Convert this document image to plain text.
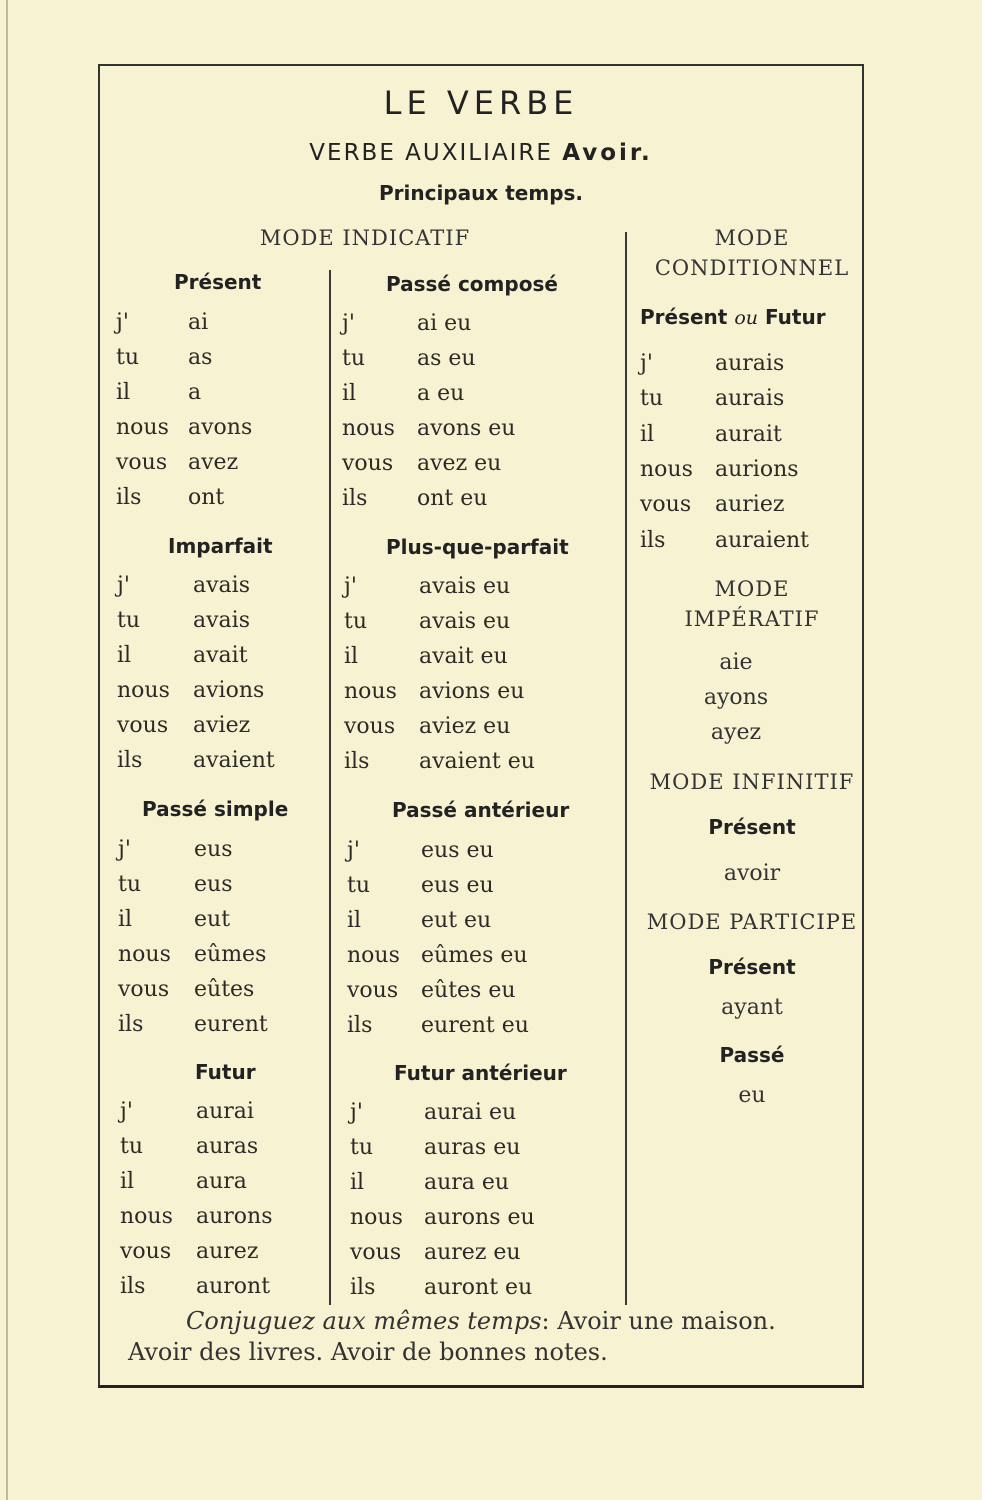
LE VERBE
VERBE AUXILIAIRE Avoir.
Principaux temps.
MODE INDICATIF
Présent
j'	ai
tu as
il	a
nous avons
vous avez
ils ont
Passé composé
j'	ai eu
tu as eu
il	a eu
nous avons eu
vous avez eu
ils ont eu
Imparfait
j'	avais
tu avais
il	avait
nous avions
vous aviez
ils avaient
Plus-que-parfait
j'	avais eu
tu avais eu
il	avait eu
nous avions eu
vous aviez eu
ils avaient eu
Passé simple
j'	eus
tu eus
il	eut
nous eûmes
vous eûtes
ils eurent
Passé antérieur
j'	eus eu
tu eus eu
il	eut eu
nous eûmes eu
vous eûtes eu
ils eurent eu
Futur
j'	aurai
tu auras
il	aura
nous aurons
vous aurez
ils auront
Futur antérieur
j'	aurai eu
tu auras eu
il	aura eu
nous aurons eu
vous aurez eu
ils auront eu
MODE
CONDITIONNEL
Présent ou Futur
j'	aurais
tu aurais
il	aurait
nous aurions
vous auriez
ils auraient
MODE
IMPÉRATIF
aie
ayons
ayez
MODE INFINITIF
Présent
avoir
MODE PARTICIPE
Présent
ayant
Passé
eu
Conjuguez aux mêmes temps: Avoir une maison.
Avoir des livres. Avoir de bonnes notes.
